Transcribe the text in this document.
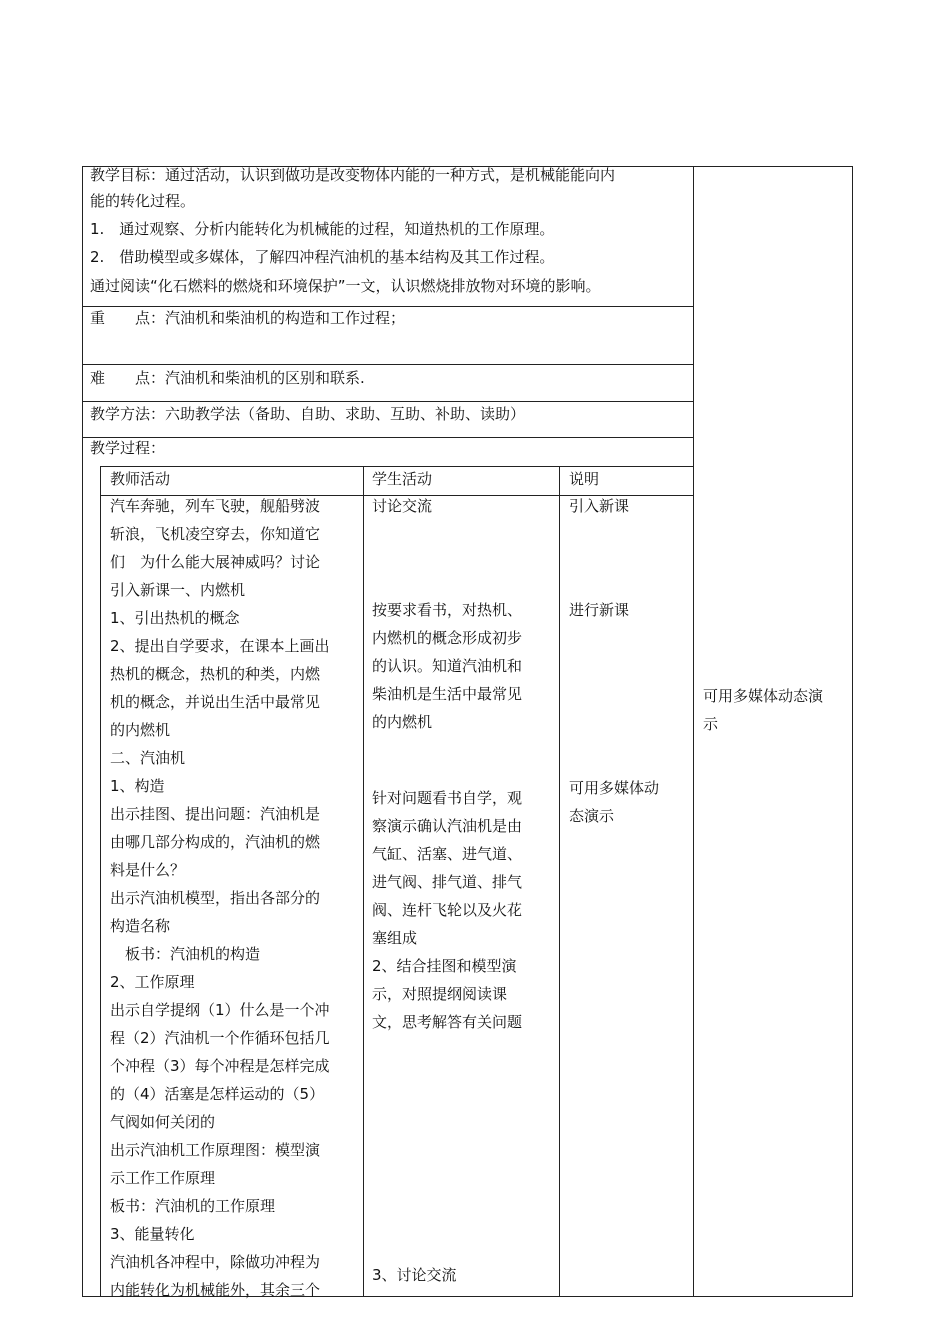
教学目标：通过活动，认识到做功是改变物体内能的一种方式，是机械能能向内
能的转化过程。
1.　通过观察、分析内能转化为机械能的过程，知道热机的工作原理。
2.　借助模型或多媒体，了解四冲程汽油机的基本结构及其工作过程。
通过阅读“化石燃料的燃烧和环境保护”一文，认识燃烧排放物对环境的影响。
重　　点：汽油机和柴油机的构造和工作过程；
难　　点：汽油机和柴油机的区别和联系.
教学方法：六助教学法（备助、自助、求助、互助、补助、读助）
教学过程：
可用多媒体动态演
示
教师活动	学生活动	说明
汽车奔驰，列车飞驶，舰船劈波
斩浪，飞机凌空穿去，你知道它
们　为什么能大展神威吗？讨论
引入新课一、内燃机
1、引出热机的概念
2、提出自学要求，在课本上画出
热机的概念，热机的种类，内燃
机的概念，并说出生活中最常见
的内燃机
二、汽油机
1、构造
出示挂图、提出问题：汽油机是
由哪几部分构成的，汽油机的燃
料是什么？
出示汽油机模型，指出各部分的
构造名称
　板书：汽油机的构造
2、工作原理
出示自学提纲（1）什么是一个冲
程（2）汽油机一个作循环包括几
个冲程（3）每个冲程是怎样完成
的（4）活塞是怎样运动的（5）
气阀如何关闭的
出示汽油机工作原理图：模型演
示工作工作原理
板书：汽油机的工作原理
3、能量转化
汽油机各冲程中，除做功冲程为
内能转化为机械能外，其余三个
讨论交流
按要求看书，对热机、
内燃机的概念形成初步
的认识。知道汽油机和
柴油机是生活中最常见
的内燃机
针对问题看书自学，观
察演示确认汽油机是由
气缸、活塞、进气道、
进气阀、排气道、排气
阀、连杆飞轮以及火花
塞组成
2、结合挂图和模型演
示，对照提纲阅读课
文，思考解答有关问题
3、讨论交流
引入新课
进行新课
可用多媒体动
态演示
